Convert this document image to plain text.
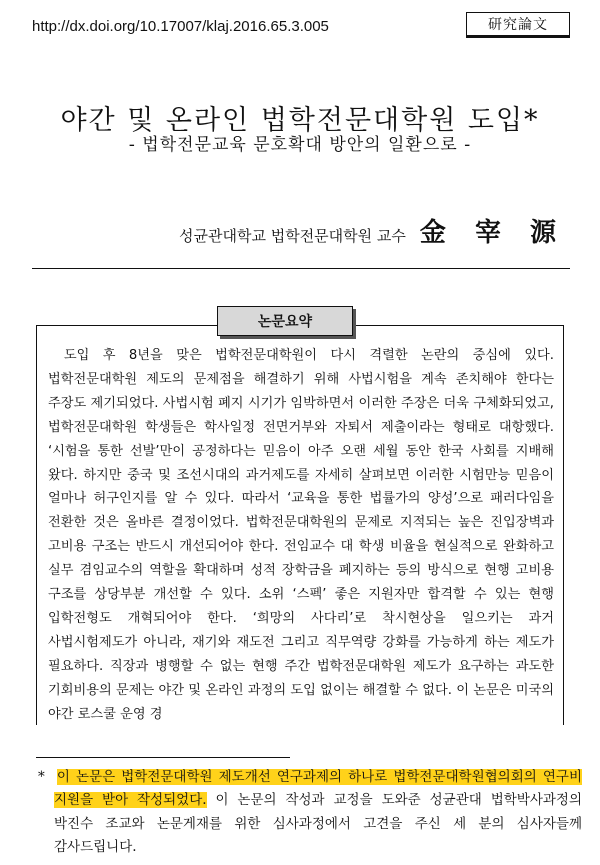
http://dx.doi.org/10.17007/klaj.2016.65.3.005	研究論文
야간 및 온라인 법학전문대학원 도입*
- 법학전문교육 문호확대 방안의 일환으로 -
성균관대학교 법학전문대학원 교수 金 宰 源
논문요약

도입 후 8년을 맞은 법학전문대학원이 다시 격렬한 논란의 중심에 있다. 법학전문대학원 제도의 문제점을 해결하기 위해 사법시험을 계속 존치해야 한다는 주장도 제기되었다. 사법시험 폐지 시기가 임박하면서 이러한 주장은 더욱 구체화되었고, 법학전문대학원 학생들은 학사일정 전면거부와 자퇴서 제출이라는 형태로 대항했다. ‘시험을 통한 선발’만이 공정하다는 믿음이 아주 오랜 세월 동안 한국 사회를 지배해 왔다. 하지만 중국 및 조선시대의 과거제도를 자세히 살펴보면 이러한 시험만능 믿음이 얼마나 허구인지를 알 수 있다. 따라서 ‘교육을 통한 법률가의 양성’으로 패러다임을 전환한 것은 올바른 결정이었다. 법학전문대학원의 문제로 지적되는 높은 진입장벽과 고비용 구조는 반드시 개선되어야 한다. 전임교수 대 학생 비율을 현실적으로 완화하고 실무 겸임교수의 역할을 확대하며 성적 장학금을 폐지하는 등의 방식으로 현행 고비용 구조를 상당부분 개선할 수 있다. 소위 ‘스펙’ 좋은 지원자만 합격할 수 있는 현행 입학전형도 개혁되어야 한다. ‘희망의 사다리’로 착시현상을 일으키는 과거 사법시험제도가 아니라, 재기와 재도전 그리고 직무역량 강화를 가능하게 하는 제도가 필요하다. 직장과 병행할 수 없는 현행 주간 법학전문대학원 제도가 요구하는 과도한 기회비용의 문제는 야간 및 온라인 과정의 도입 없이는 해결할 수 없다. 이 논문은 미국의 야간 로스쿨 운영 경

* 이 논문은 법학전문대학원 제도개선 연구과제의 하나로 법학전문대학원협의회의 연구비 지원을 받아 작성되었다. 이 논문의 작성과 교정을 도와준 성균관대 법학박사과정의 박진수 조교와 논문게재를 위한 심사과정에서 고견을 주신 세 분의 심사자들께 감사드립니다.
